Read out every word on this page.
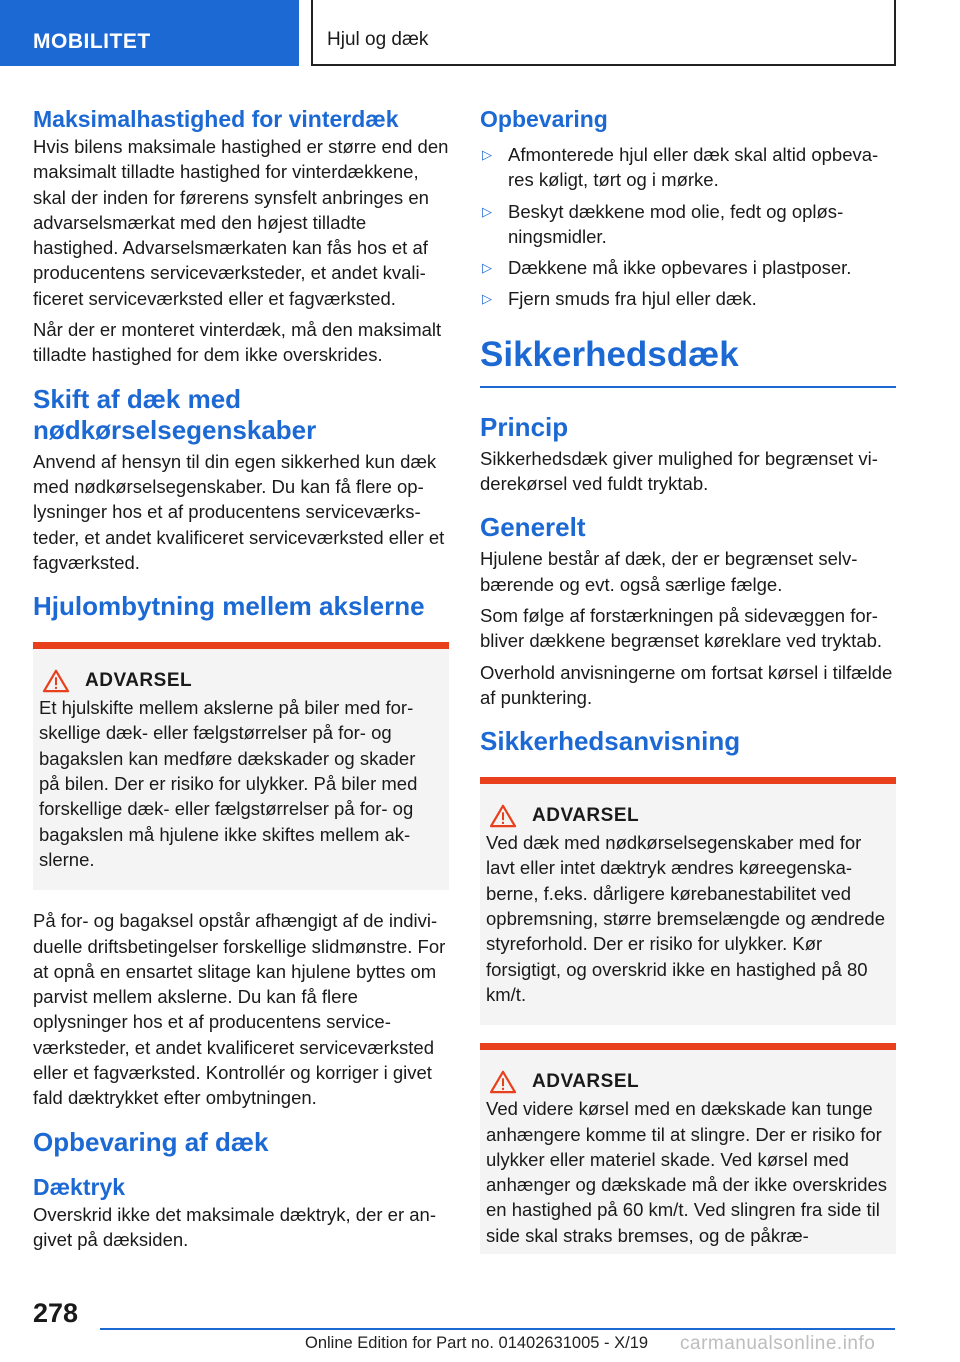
MOBILITET	Hjul og dæk
Maksimalhastighed for vinterdæk

Hvis bilens maksimale hastighed er større end den maksimalt tilladte hastighed for vinterdækkene, skal der inden for førerens synsfelt anbringes en advarselsmærkat med den højest tilladte hastighed. Advarselsmærkaten kan fås hos et af producentens serviceværksteder, et andet kvalificeret serviceværksted eller et fagværksted.

Når der er monteret vinterdæk, må den maksimalt tilladte hastighed for dem ikke overskrides.

Skift af dæk med nødkørselsegenskaber

Anvend af hensyn til din egen sikkerhed kun dæk med nødkørselsegenskaber. Du kan få flere oplysninger hos et af producentens serviceværksteder, et andet kvalificeret serviceværksted eller et fagværksted.

Hjulombytning mellem akslerne
ADVARSEL

Et hjulskifte mellem akslerne på biler med forskellige dæk- eller fælgstørrelser på for- og bagakslen kan medføre dækskader og skader på bilen. Der er risiko for ulykker. På biler med forskellige dæk- eller fælgstørrelser på for- og bagakslen må hjulene ikke skiftes mellem akslerne.

På for- og bagaksel opstår afhængigt af de individuelle driftsbetingelser forskellige slidmønstre. For at opnå en ensartet slitage kan hjulene byttes om parvist mellem akslerne. Du kan få flere oplysninger hos et af producentens serviceværksteder, et andet kvalificeret serviceværksted eller et fagværksted. Kontrollér og korriger i givet fald dæktrykket efter ombytningen.

Opbevaring af dæk
Dæktryk

Overskrid ikke det maksimale dæktryk, der er angivet på dæksiden.

Opbevaring
▷ Afmonterede hjul eller dæk skal altid opbevares køligt, tørt og i mørke.
▷ Beskyt dækkene mod olie, fedt og opløsningsmidler.
▷ Dækkene må ikke opbevares i plastposer.
▷ Fjern smuds fra hjul eller dæk.
Sikkerhedsdæk
Princip

Sikkerhedsdæk giver mulighed for begrænset viderekørsel ved fuldt tryktab.

Generelt

Hjulene består af dæk, der er begrænset selvbærende og evt. også særlige fælge.

Som følge af forstærkningen på sidevæggen forbliver dækkene begrænset køreklare ved tryktab.

Overhold anvisningerne om fortsat kørsel i tilfælde af punktering.

Sikkerhedsanvisning
ADVARSEL

Ved dæk med nødkørselsegenskaber med for lavt eller intet dæktryk ændres køreegenskaberne, f.eks. dårligere kørebanestabilitet ved opbremsning, større bremselængde og ændrede styreforhold. Der er risiko for ulykker. Kør forsigtigt, og overskrid ikke en hastighed på 80 km/t.

ADVARSEL

Ved videre kørsel med en dækskade kan tunge anhængere komme til at slingre. Der er risiko for ulykker eller materiel skade. Ved kørsel med anhænger og dækskade må der ikke overskrides en hastighed på 60 km/t. Ved slingren fra side til side skal straks bremses, og de påkræ-

278
Online Edition for Part no. 01402631005 - X/19 carmanualsonline.info
